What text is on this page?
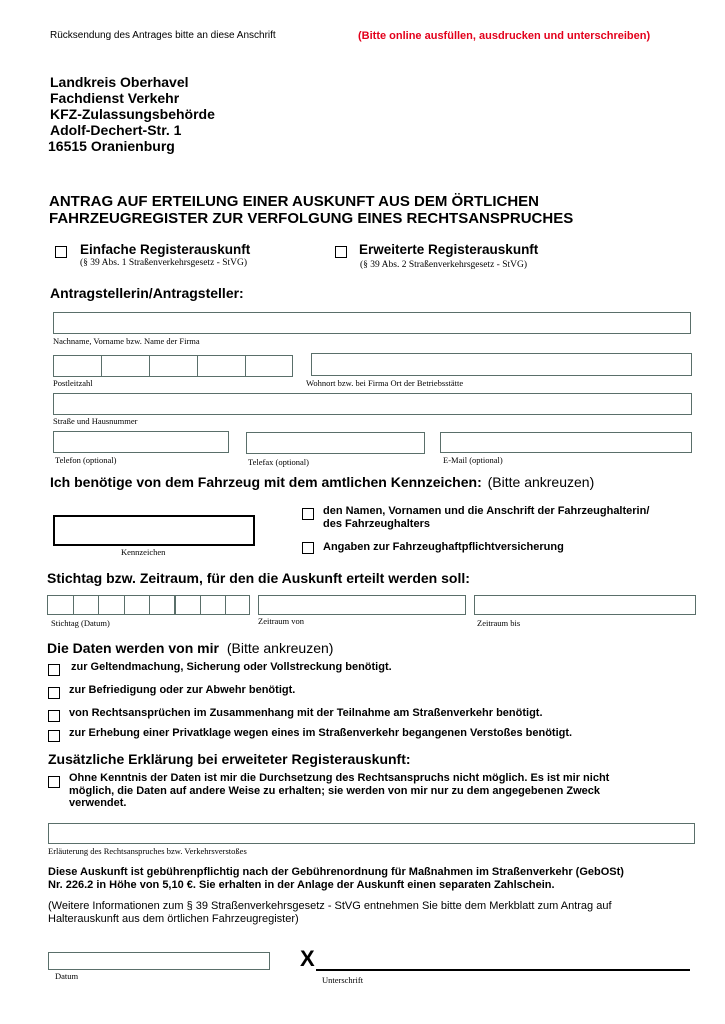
Rücksendung des Antrages bitte an diese Anschrift	(Bitte online ausfüllen, ausdrucken und unterschreiben)
Landkreis Oberhavel
Fachdienst Verkehr
KFZ-Zulassungsbehörde
Adolf-Dechert-Str. 1
16515 Oranienburg
ANTRAG AUF ERTEILUNG EINER AUSKUNFT AUS DEM ÖRTLICHEN
FAHRZEUGREGISTER ZUR VERFOLGUNG EINES RECHTSANSPRUCHES
Einfache Registerauskunft
(§ 39 Abs. 1 Straßenverkehrsgesetz - StVG)
Erweiterte Registerauskunft
(§ 39 Abs. 2 Straßenverkehrsgesetz - StVG)
Antragstellerin/Antragsteller:
Nachname, Vorname bzw. Name der Firma
Postleitzahl	Wohnort bzw. bei Firma Ort der Betriebsstätte
Straße und Hausnummer
Telefon (optional)	Telefax (optional)	E-Mail (optional)
Ich benötige von dem Fahrzeug mit dem amtlichen Kennzeichen: (Bitte ankreuzen)
Kennzeichen
den Namen, Vornamen und die Anschrift der Fahrzeughalterin/
des Fahrzeughalters
Angaben zur Fahrzeughaftpflichtversicherung
Stichtag bzw. Zeitraum, für den die Auskunft erteilt werden soll:
Stichtag (Datum)	Zeitraum von	Zeitraum bis
Die Daten werden von mir (Bitte ankreuzen)
zur Geltendmachung, Sicherung oder Vollstreckung benötigt.
zur Befriedigung oder zur Abwehr benötigt.
von Rechtsansprüchen im Zusammenhang mit der Teilnahme am Straßenverkehr benötigt.
zur Erhebung einer Privatklage wegen eines im Straßenverkehr begangenen Verstoßes benötigt.
Zusätzliche Erklärung bei erweiteter Registerauskunft:
Ohne Kenntnis der Daten ist mir die Durchsetzung des Rechtsanspruchs nicht möglich. Es ist mir nicht
möglich, die Daten auf andere Weise zu erhalten; sie werden von mir nur zu dem angegebenen Zweck
verwendet.
Erläuterung des Rechtsanspruches bzw. Verkehrsverstoßes
Diese Auskunft ist gebührenpflichtig nach der Gebührenordnung für Maßnahmen im Straßenverkehr (GebOSt)
Nr. 226.2 in Höhe von 5,10 €. Sie erhalten in der Anlage der Auskunft einen separaten Zahlschein.
(Weitere Informationen zum § 39 Straßenverkehrsgesetz - StVG entnehmen Sie bitte dem Merkblatt zum Antrag auf
Halterauskunft aus dem örtlichen Fahrzeugregister)
Datum
X
Unterschrift
